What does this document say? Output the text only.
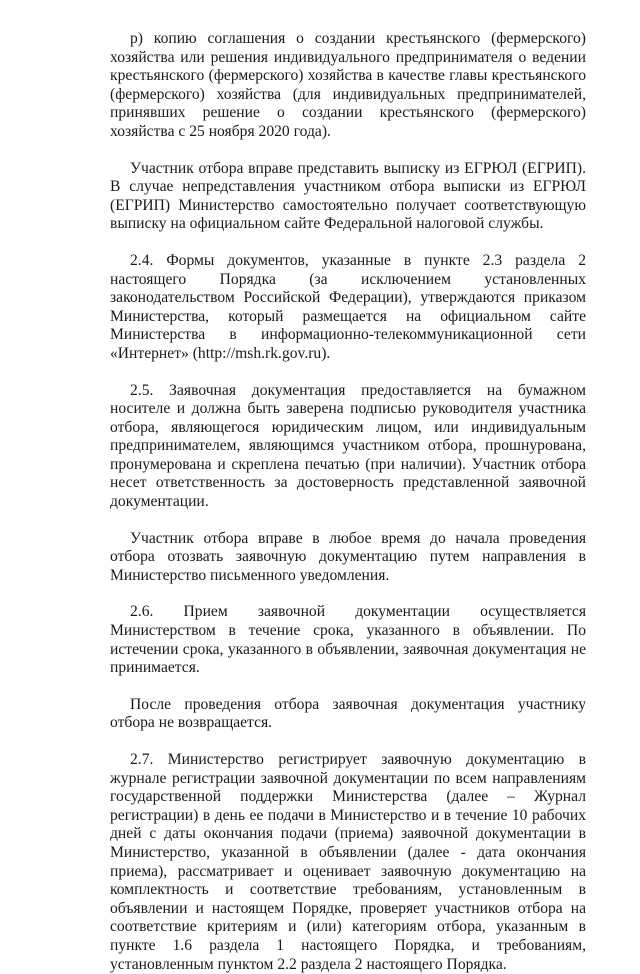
р) копию соглашения о создании крестьянского (фермерского) хозяйства или решения индивидуального предпринимателя о ведении крестьянского (фермерского) хозяйства в качестве главы крестьянского (фермерского) хозяйства (для индивидуальных предпринимателей, принявших решение о создании крестьянского (фермерского) хозяйства с 25 ноября 2020 года).

Участник отбора вправе представить выписку из ЕГРЮЛ (ЕГРИП). В случае непредставления участником отбора выписки из ЕГРЮЛ (ЕГРИП) Министерство самостоятельно получает соответствующую выписку на официальном сайте Федеральной налоговой службы.

2.4. Формы документов, указанные в пункте 2.3 раздела 2 настоящего Порядка (за исключением установленных законодательством Российской Федерации), утверждаются приказом Министерства, который размещается на официальном сайте Министерства в информационно-телекоммуникационной сети «Интернет» (http://msh.rk.gov.ru).

2.5. Заявочная документация предоставляется на бумажном носителе и должна быть заверена подписью руководителя участника отбора, являющегося юридическим лицом, или индивидуальным предпринимателем, являющимся участником отбора, прошнурована, пронумерована и скреплена печатью (при наличии). Участник отбора несет ответственность за достоверность представленной заявочной документации.

Участник отбора вправе в любое время до начала проведения отбора отозвать заявочную документацию путем направления в Министерство письменного уведомления.

2.6. Прием заявочной документации осуществляется Министерством в течение срока, указанного в объявлении. По истечении срока, указанного в объявлении, заявочная документация не принимается.

После проведения отбора заявочная документация участнику отбора не возвращается.

2.7. Министерство регистрирует заявочную документацию в журнале регистрации заявочной документации по всем направлениям государственной поддержки Министерства (далее – Журнал регистрации) в день ее подачи в Министерство и в течение 10 рабочих дней с даты окончания подачи (приема) заявочной документации в Министерство, указанной в объявлении (далее - дата окончания приема), рассматривает и оценивает заявочную документацию на комплектность и соответствие требованиям, установленным в объявлении и настоящем Порядке, проверяет участников отбора на соответствие критериям и (или) категориям отбора, указанным в пункте 1.6 раздела 1 настоящего Порядка, и требованиям, установленным пунктом 2.2 раздела 2 настоящего Порядка.
